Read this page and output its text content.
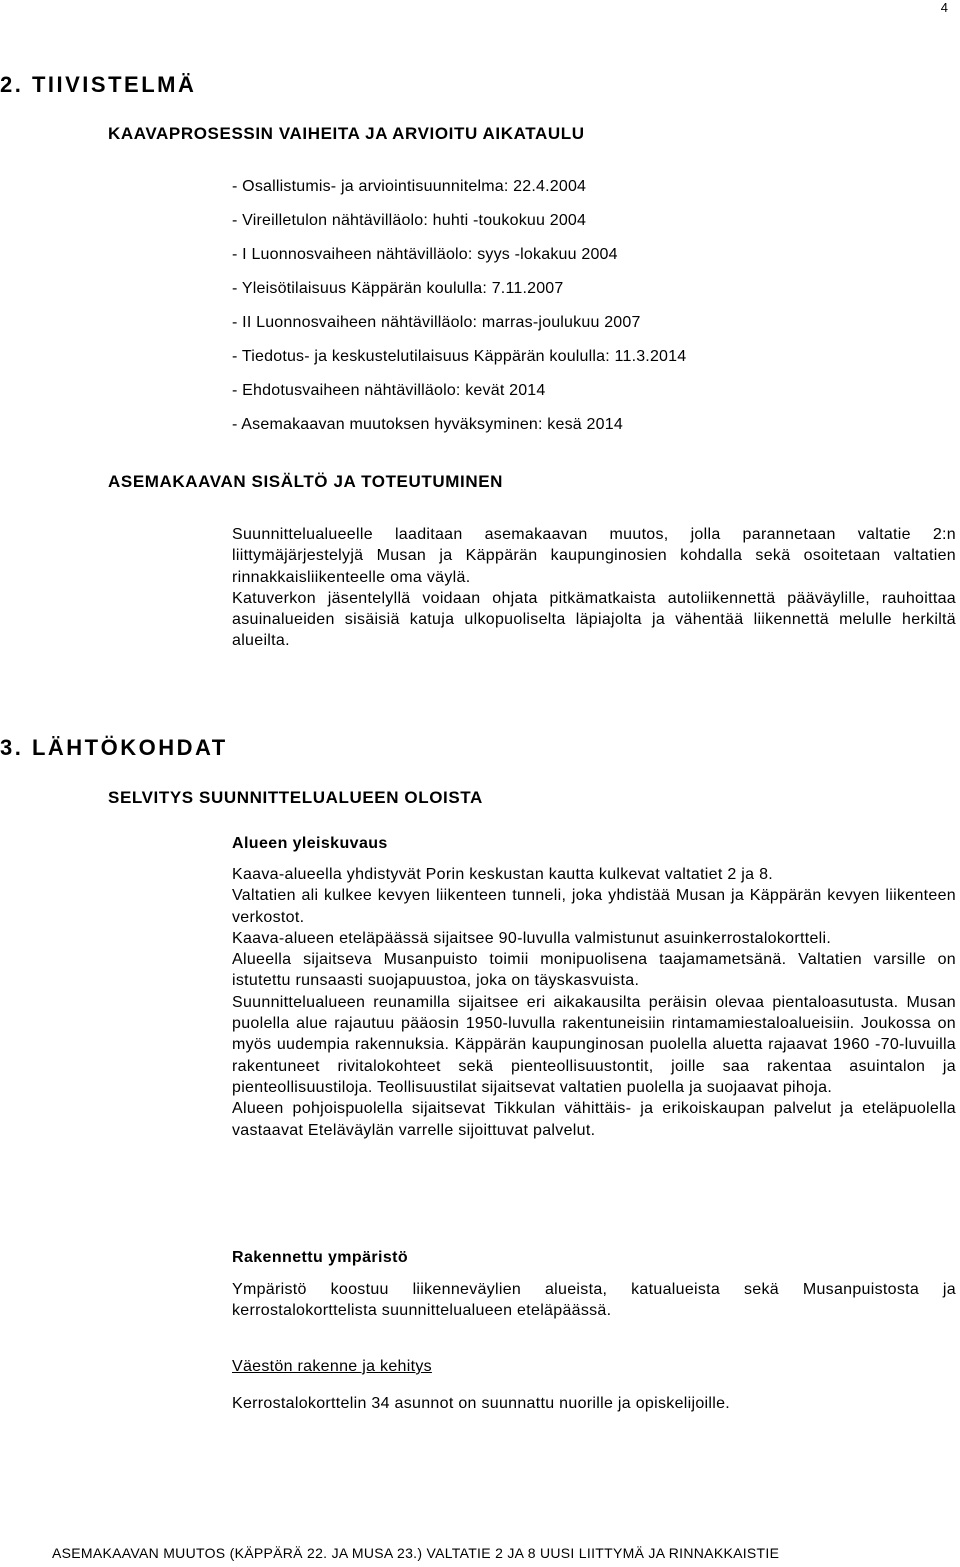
4
2. TIIVISTELMÄ
KAAVAPROSESSIN VAIHEITA JA ARVIOITU AIKATAULU
- Osallistumis- ja arviointisuunnitelma: 22.4.2004
- Vireilletulon nähtävilläolo: huhti -toukokuu 2004
- I Luonnosvaiheen nähtävilläolo: syys -lokakuu 2004
- Yleisötilaisuus Käppärän koululla: 7.11.2007
- II Luonnosvaiheen nähtävilläolo: marras-joulukuu 2007
- Tiedotus- ja keskustelutilaisuus Käppärän koululla: 11.3.2014
- Ehdotusvaiheen nähtävilläolo: kevät 2014
- Asemakaavan muutoksen hyväksyminen: kesä 2014
ASEMAKAAVAN SISÄLTÖ JA TOTEUTUMINEN

Suunnittelualueelle laaditaan asemakaavan muutos, jolla parannetaan valtatie 2:n liittymäjärjestelyjä Musan ja Käppärän kaupunginosien kohdalla sekä osoitetaan valtatien rinnakkaisliikenteelle oma väylä.

Katuverkon jäsentelyllä voidaan ohjata pitkämatkaista autoliikennettä pääväylille, rauhoittaa asuinalueiden sisäisiä katuja ulkopuoliselta läpiajolta ja vähentää liikennettä melulle herkiltä alueilta.

3. LÄHTÖKOHDAT
SELVITYS SUUNNITTELUALUEEN OLOISTA
Alueen yleiskuvaus

Kaava-alueella yhdistyvät Porin keskustan kautta kulkevat valtatiet 2 ja 8.

Valtatien ali kulkee kevyen liikenteen tunneli, joka yhdistää Musan ja Käppärän kevyen liikenteen verkostot.

Kaava-alueen eteläpäässä sijaitsee 90-luvulla valmistunut asuinkerrostalokortteli.

Alueella sijaitseva Musanpuisto toimii monipuolisena taajamametsänä. Valtatien varsille on istutettu runsaasti suojapuustoa, joka on täyskasvuista.

Suunnittelualueen reunamilla sijaitsee eri aikakausilta peräisin olevaa pientaloasutusta. Musan puolella alue rajautuu pääosin 1950-luvulla rakentuneisiin rintamamiestaloalueisiin. Joukossa on myös uudempia rakennuksia. Käppärän kaupunginosan puolella aluetta rajaavat 1960 -70-luvuilla rakentuneet rivitalokohteet sekä pienteollisuustontit, joille saa rakentaa asuintalon ja pienteollisuustiloja. Teollisuustilat sijaitsevat valtatien puolella ja suojaavat pihoja.

Alueen pohjoispuolella sijaitsevat Tikkulan vähittäis- ja erikoiskaupan palvelut ja eteläpuolella vastaavat Eteläväylän varrelle sijoittuvat palvelut.

Rakennettu ympäristö

Ympäristö koostuu liikenneväylien alueista, katualueista sekä Musanpuistosta ja kerrostalokorttelista suunnittelualueen eteläpäässä.

Väestön rakenne ja kehitys

Kerrostalokorttelin 34 asunnot on suunnattu nuorille ja opiskelijoille.

ASEMAKAAVAN MUUTOS (KÄPPÄRÄ 22. JA MUSA 23.) VALTATIE 2 JA 8 UUSI LIITTYMÄ JA RINNAKKAISTIE
